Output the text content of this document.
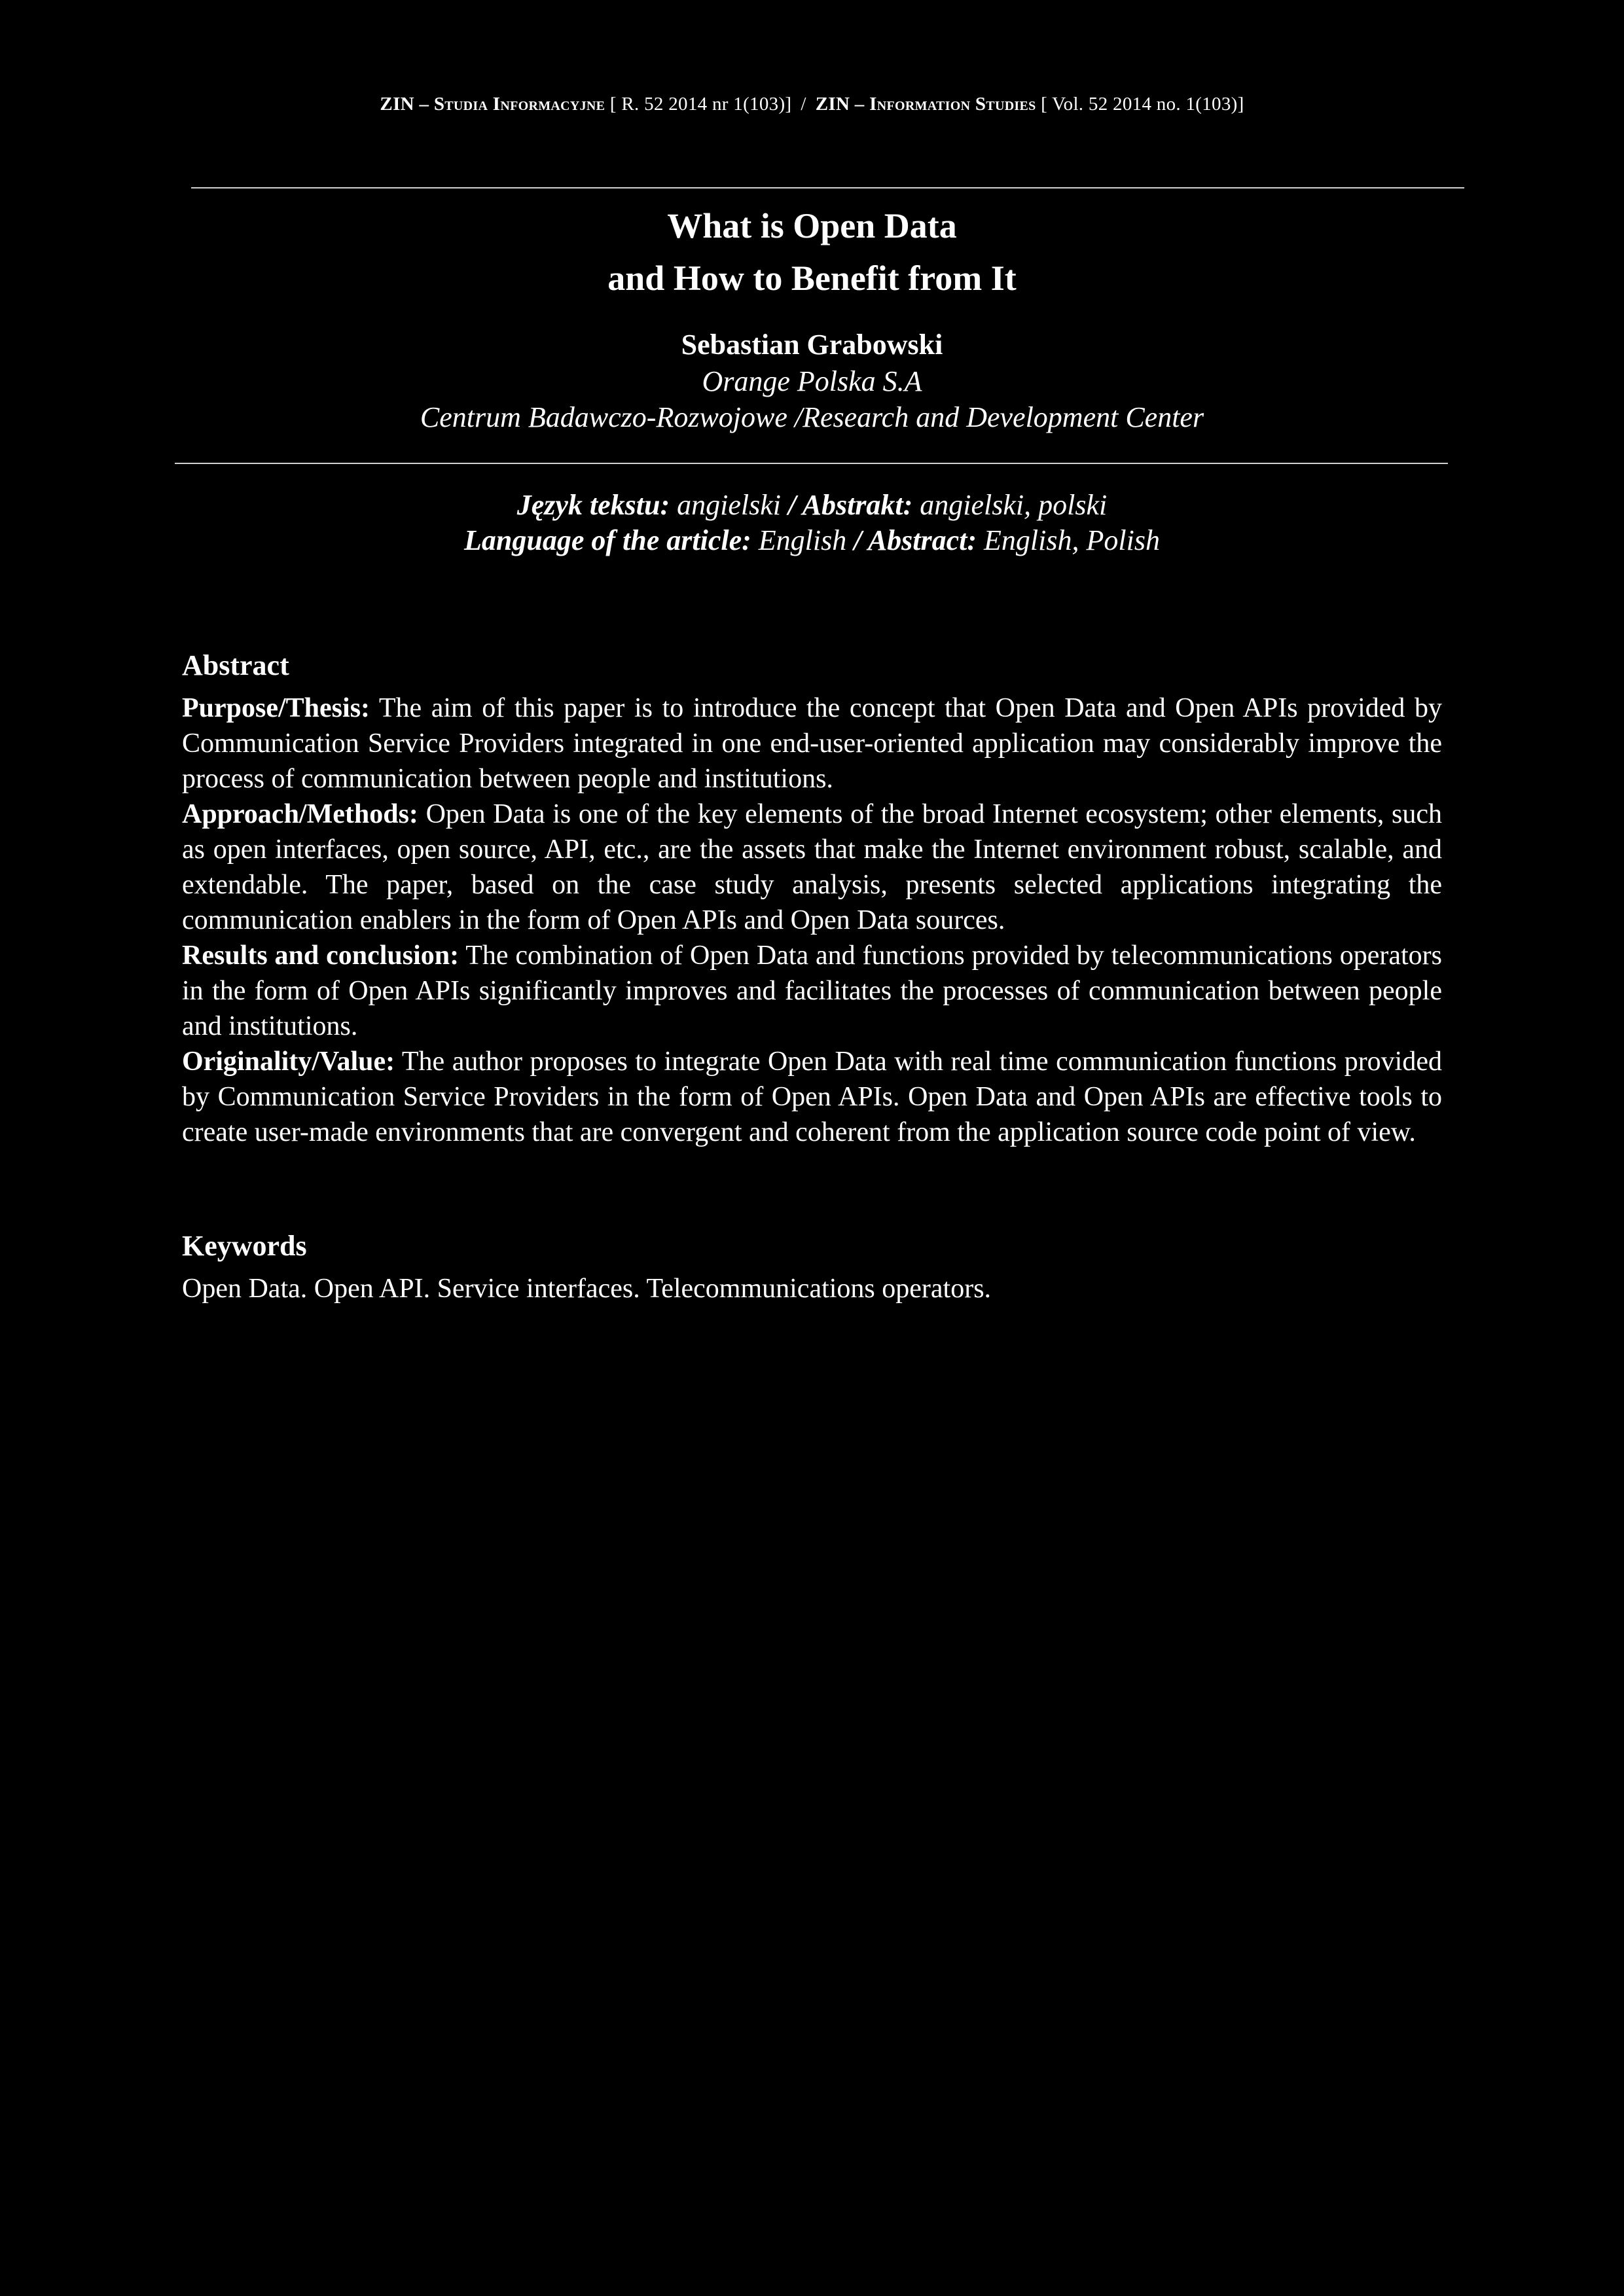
ZIN – Studia Informacyjne [ R. 52 2014 nr 1(103)] / ZIN – Information Studies [ Vol. 52 2014 no. 1(103)]
What is Open Data
and How to Benefit from It
Sebastian Grabowski
Orange Polska S.A
Centrum Badawczo-Rozwojowe /Research and Development Center
Język tekstu: angielski / Abstrakt: angielski, polski
Language of the article: English / Abstract: English, Polish
Abstract

Purpose/Thesis: The aim of this paper is to introduce the concept that Open Data and Open APIs provided by Communication Service Providers integrated in one end-user-oriented application may considerably improve the process of communication between people and institutions.

Approach/Methods: Open Data is one of the key elements of the broad Internet ecosystem; other elements, such as open interfaces, open source, API, etc., are the assets that make the Internet environment robust, scalable, and extendable. The paper, based on the case study analysis, presents selected applications integrating the communication enablers in the form of Open APIs and Open Data sources.

Results and conclusion: The combination of Open Data and functions provided by telecommunications operators in the form of Open APIs significantly improves and facilitates the processes of communication between people and institutions.

Originality/Value: The author proposes to integrate Open Data with real time communication functions provided by Communication Service Providers in the form of Open APIs. Open Data and Open APIs are effective tools to create user-made environments that are convergent and coherent from the application source code point of view.

Keywords
Open Data. Open API. Service interfaces. Telecommunications operators.
